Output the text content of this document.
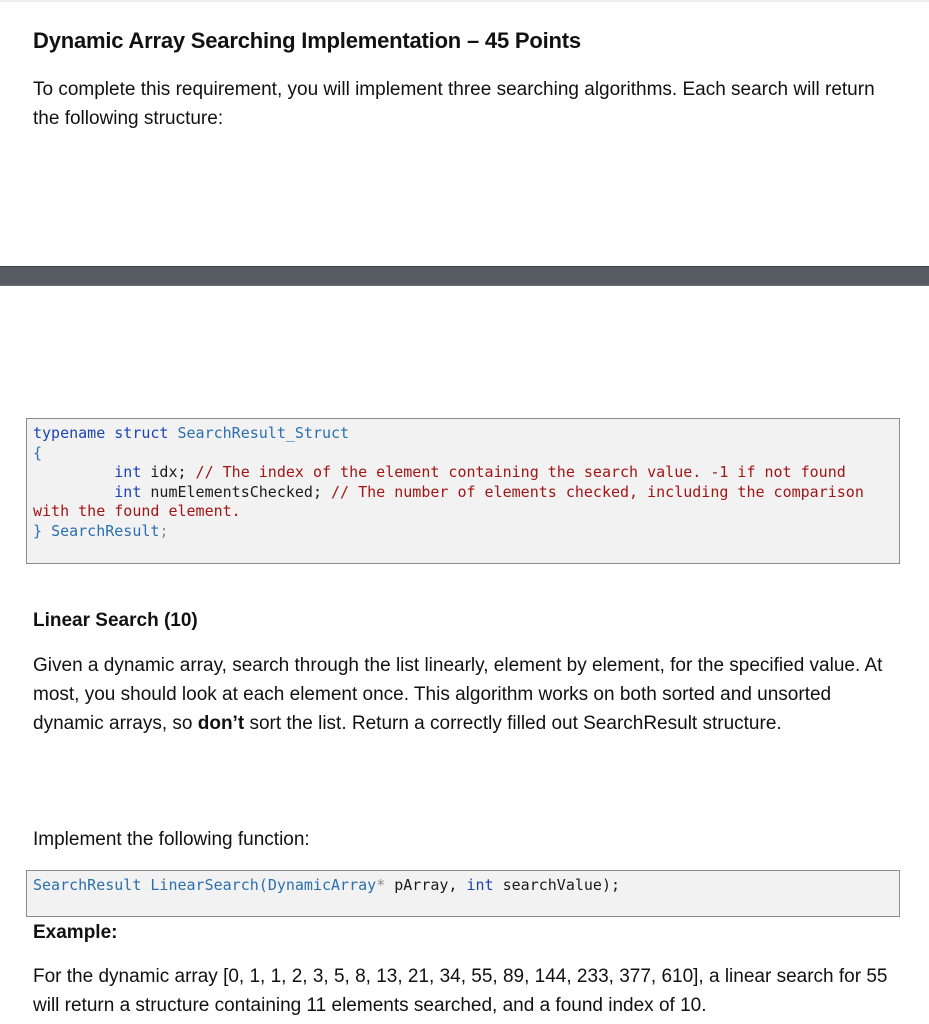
Dynamic Array Searching Implementation – 45 Points

To complete this requirement, you will implement three searching algorithms. Each search will return the following structure:

typename struct SearchResult_Struct
{
int idx; // The index of the element containing the search value. -1 if not found
int numElementsChecked; // The number of elements checked, including the comparison
with the found element.
} SearchResult;
Linear Search (10)

Given a dynamic array, search through the list linearly, element by element, for the specified value. At most, you should look at each element once. This algorithm works on both sorted and unsorted dynamic arrays, so don’t sort the list. Return a correctly filled out SearchResult structure.

Implement the following function:

SearchResult LinearSearch(DynamicArray* pArray, int searchValue);
Example:

For the dynamic array [0, 1, 1, 2, 3, 5, 8, 13, 21, 34, 55, 89, 144, 233, 377, 610], a linear search for 55 will return a structure containing 11 elements searched, and a found index of 10.
